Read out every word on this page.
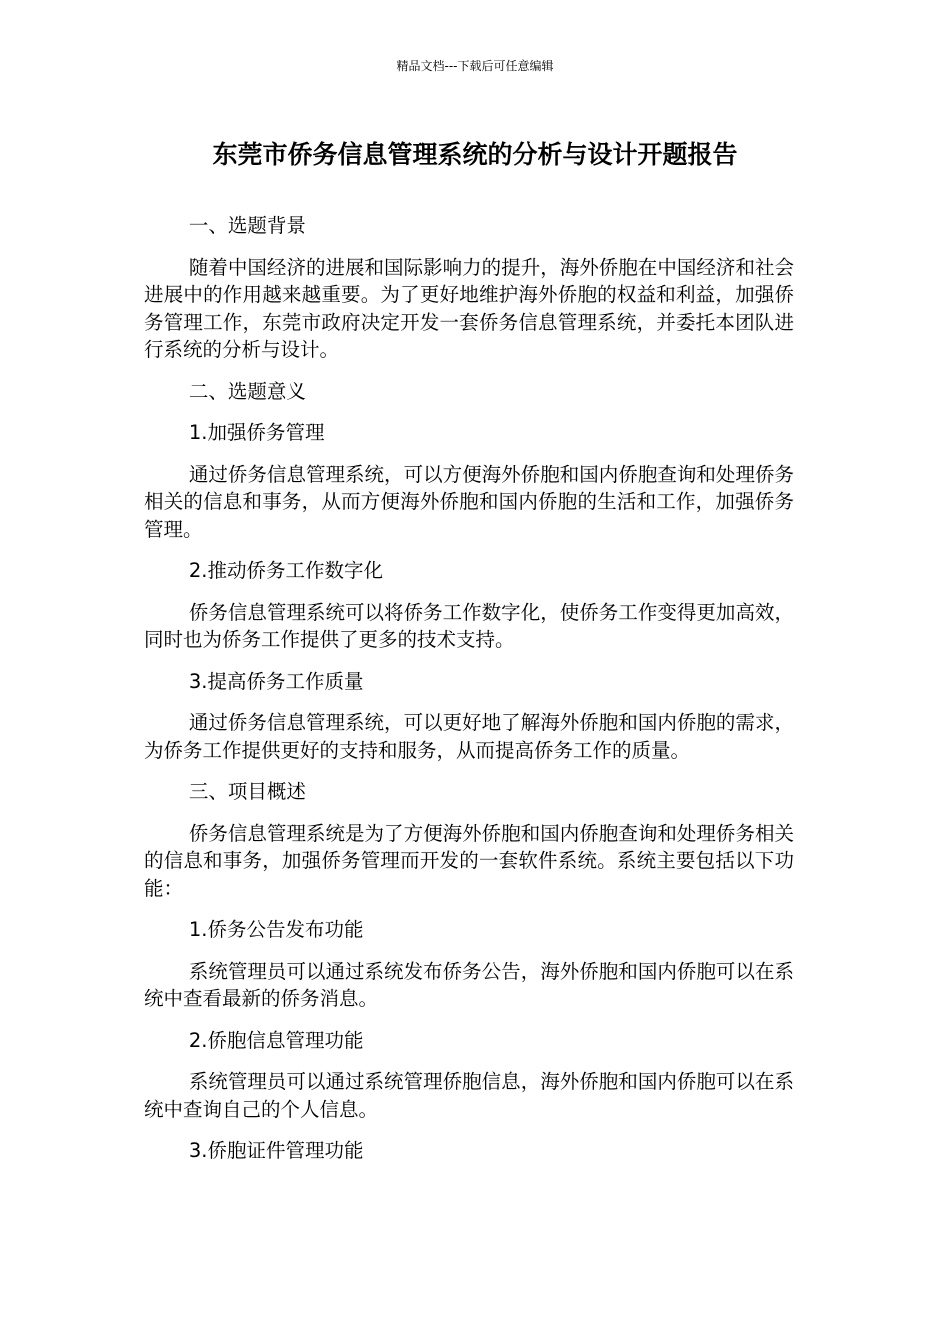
精品文档---下载后可任意编辑
东莞市侨务信息管理系统的分析与设计开题报告

一、选题背景

随着中国经济的进展和国际影响力的提升，海外侨胞在中国经济和社会进展中的作用越来越重要。为了更好地维护海外侨胞的权益和利益，加强侨务管理工作，东莞市政府决定开发一套侨务信息管理系统，并委托本团队进行系统的分析与设计。

二、选题意义

1.加强侨务管理

通过侨务信息管理系统，可以方便海外侨胞和国内侨胞查询和处理侨务相关的信息和事务，从而方便海外侨胞和国内侨胞的生活和工作，加强侨务管理。

2.推动侨务工作数字化

侨务信息管理系统可以将侨务工作数字化，使侨务工作变得更加高效，同时也为侨务工作提供了更多的技术支持。

3.提高侨务工作质量

通过侨务信息管理系统，可以更好地了解海外侨胞和国内侨胞的需求，为侨务工作提供更好的支持和服务，从而提高侨务工作的质量。

三、项目概述

侨务信息管理系统是为了方便海外侨胞和国内侨胞查询和处理侨务相关的信息和事务，加强侨务管理而开发的一套软件系统。系统主要包括以下功能：

1.侨务公告发布功能

系统管理员可以通过系统发布侨务公告，海外侨胞和国内侨胞可以在系统中查看最新的侨务消息。

2.侨胞信息管理功能

系统管理员可以通过系统管理侨胞信息，海外侨胞和国内侨胞可以在系统中查询自己的个人信息。

3.侨胞证件管理功能
